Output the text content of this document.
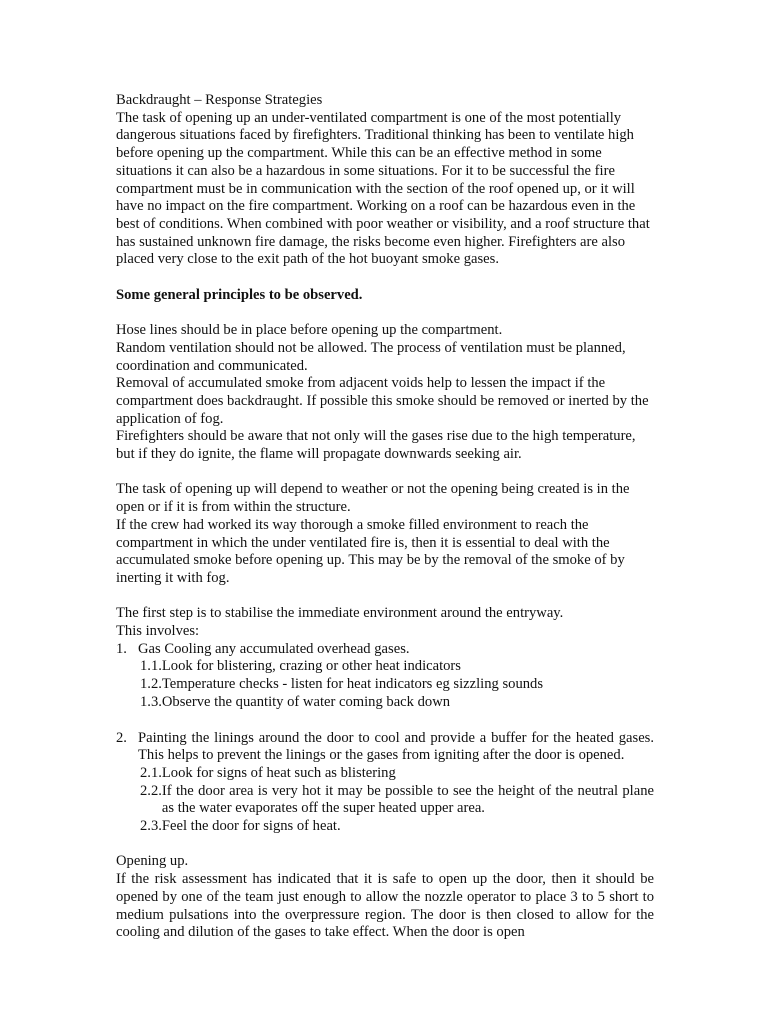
Backdraught – Response Strategies

The task of opening up an under-ventilated compartment is one of the most potentially dangerous situations faced by firefighters. Traditional thinking has been to ventilate high before opening up the compartment. While this can be an effective method in some situations it can also be a hazardous in some situations. For it to be successful the fire compartment must be in communication with the section of the roof opened up, or it will have no impact on the fire compartment. Working on a roof can be hazardous even in the best of conditions. When combined with poor weather or visibility, and a roof structure that has sustained unknown fire damage, the risks become even higher. Firefighters are also placed very close to the exit path of the hot buoyant smoke gases.

Some general principles to be observed.

Hose lines should be in place before opening up the compartment.

Random ventilation should not be allowed. The process of ventilation must be planned, coordination and communicated.

Removal of accumulated smoke from adjacent voids help to lessen the impact if the compartment does backdraught. If possible this smoke should be removed or inerted by the application of fog.

Firefighters should be aware that not only will the gases rise due to the high temperature, but if they do ignite, the flame will propagate downwards seeking air.

The task of opening up will depend to weather or not the opening being created is in the open or if it is from within the structure.

If the crew had worked its way thorough a smoke filled environment to reach the compartment in which the under ventilated fire is, then it is essential to deal with the accumulated smoke before opening up. This may be by the removal of the smoke of by inerting it with fog.

The first step is to stabilise the immediate environment around the entryway.

This involves:

1. Gas Cooling any accumulated overhead gases.
1.1. Look for blistering, crazing or other heat indicators
1.2. Temperature checks - listen for heat indicators eg sizzling sounds
1.3. Observe the quantity of water coming back down
2. Painting the linings around the door to cool and provide a buffer for the heated gases. This helps to prevent the linings or the gases from igniting after the door is opened.
2.1. Look for signs of heat such as blistering
2.2. If the door area is very hot it may be possible to see the height of the neutral plane as the water evaporates off the super heated upper area.
2.3. Feel the door for signs of heat.

Opening up.

If the risk assessment has indicated that it is safe to open up the door, then it should be opened by one of the team just enough to allow the nozzle operator to place 3 to 5 short to medium pulsations into the overpressure region. The door is then closed to allow for the cooling and dilution of the gases to take effect. When the door is open
